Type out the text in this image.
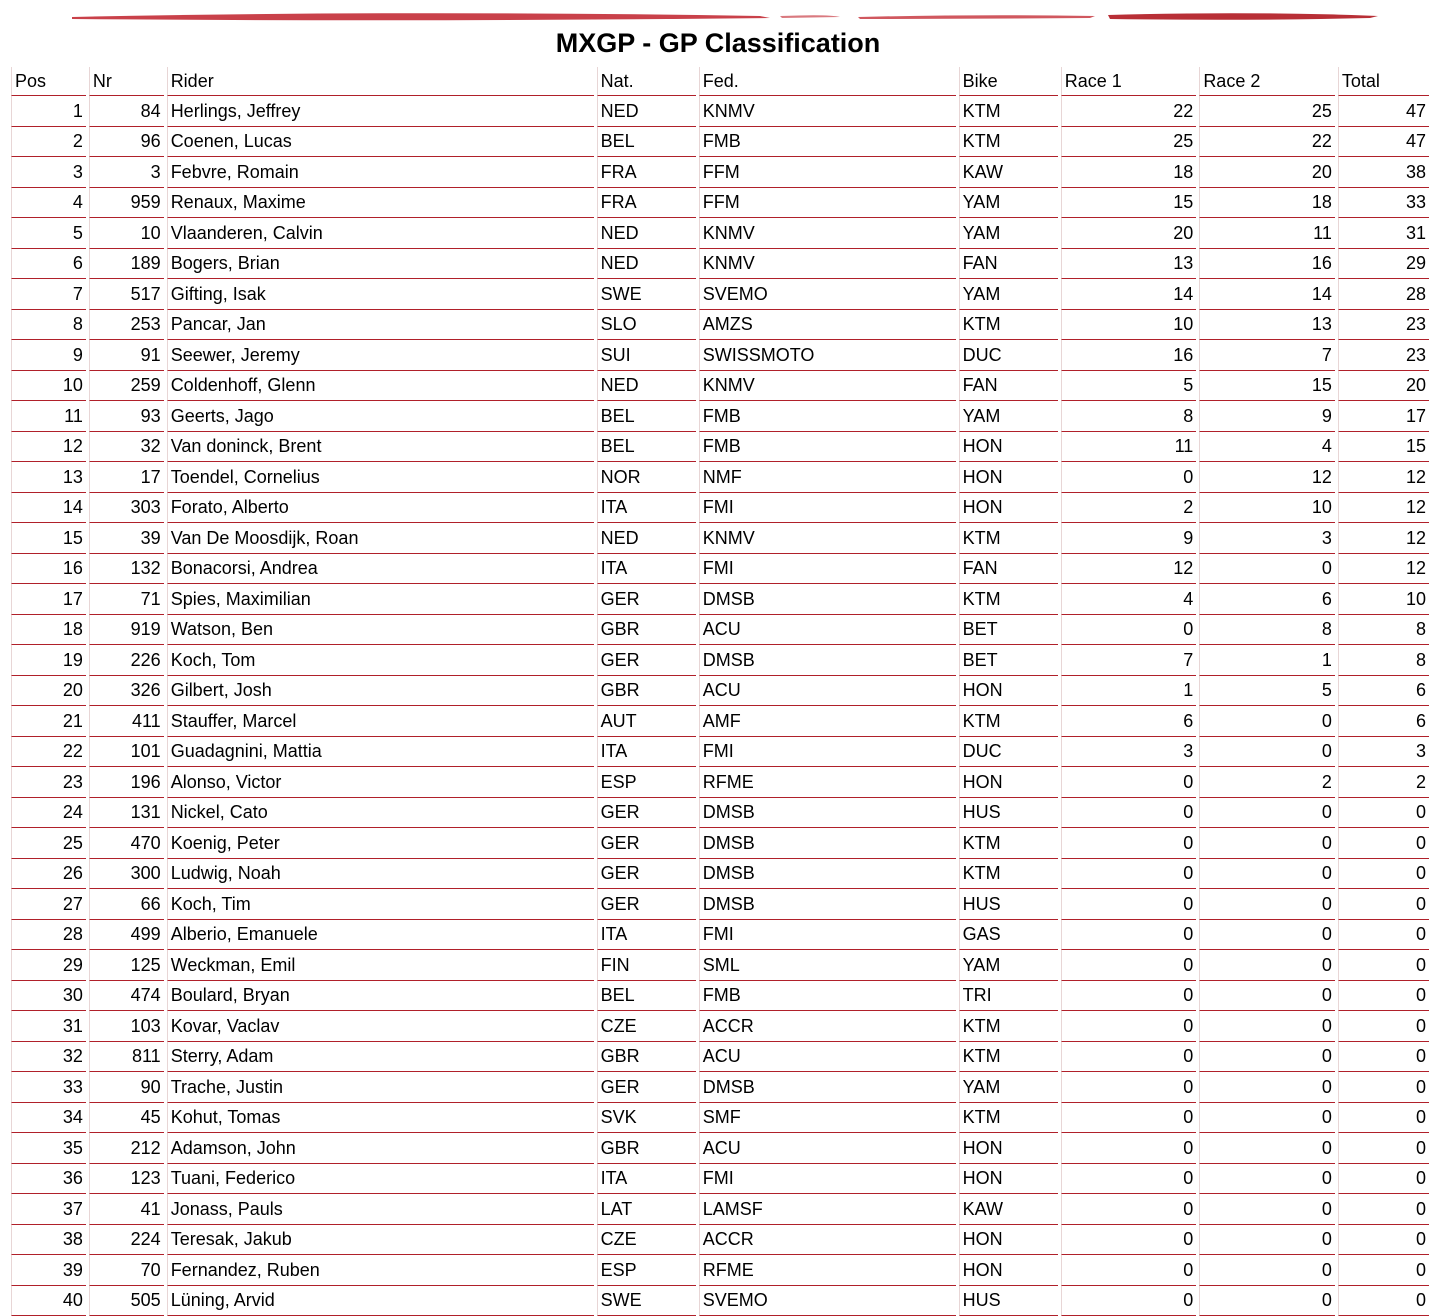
MXGP - GP Classification
Pos	Nr	Rider	Nat.	Fed.	Bike	Race 1	Race 2	Total
1	84	Herlings, Jeffrey	NED	KNMV	KTM	22	25	47
2	96	Coenen, Lucas	BEL	FMB	KTM	25	22	47
3	3	Febvre, Romain	FRA	FFM	KAW	18	20	38
4	959	Renaux, Maxime	FRA	FFM	YAM	15	18	33
5	10	Vlaanderen, Calvin	NED	KNMV	YAM	20	11	31
6	189	Bogers, Brian	NED	KNMV	FAN	13	16	29
7	517	Gifting, Isak	SWE	SVEMO	YAM	14	14	28
8	253	Pancar, Jan	SLO	AMZS	KTM	10	13	23
9	91	Seewer, Jeremy	SUI	SWISSMOTO	DUC	16	7	23
10	259	Coldenhoff, Glenn	NED	KNMV	FAN	5	15	20
11	93	Geerts, Jago	BEL	FMB	YAM	8	9	17
12	32	Van doninck, Brent	BEL	FMB	HON	11	4	15
13	17	Toendel, Cornelius	NOR	NMF	HON	0	12	12
14	303	Forato, Alberto	ITA	FMI	HON	2	10	12
15	39	Van De Moosdijk, Roan	NED	KNMV	KTM	9	3	12
16	132	Bonacorsi, Andrea	ITA	FMI	FAN	12	0	12
17	71	Spies, Maximilian	GER	DMSB	KTM	4	6	10
18	919	Watson, Ben	GBR	ACU	BET	0	8	8
19	226	Koch, Tom	GER	DMSB	BET	7	1	8
20	326	Gilbert, Josh	GBR	ACU	HON	1	5	6
21	411	Stauffer, Marcel	AUT	AMF	KTM	6	0	6
22	101	Guadagnini, Mattia	ITA	FMI	DUC	3	0	3
23	196	Alonso, Victor	ESP	RFME	HON	0	2	2
24	131	Nickel, Cato	GER	DMSB	HUS	0	0	0
25	470	Koenig, Peter	GER	DMSB	KTM	0	0	0
26	300	Ludwig, Noah	GER	DMSB	KTM	0	0	0
27	66	Koch, Tim	GER	DMSB	HUS	0	0	0
28	499	Alberio, Emanuele	ITA	FMI	GAS	0	0	0
29	125	Weckman, Emil	FIN	SML	YAM	0	0	0
30	474	Boulard, Bryan	BEL	FMB	TRI	0	0	0
31	103	Kovar, Vaclav	CZE	ACCR	KTM	0	0	0
32	811	Sterry, Adam	GBR	ACU	KTM	0	0	0
33	90	Trache, Justin	GER	DMSB	YAM	0	0	0
34	45	Kohut, Tomas	SVK	SMF	KTM	0	0	0
35	212	Adamson, John	GBR	ACU	HON	0	0	0
36	123	Tuani, Federico	ITA	FMI	HON	0	0	0
37	41	Jonass, Pauls	LAT	LAMSF	KAW	0	0	0
38	224	Teresak, Jakub	CZE	ACCR	HON	0	0	0
39	70	Fernandez, Ruben	ESP	RFME	HON	0	0	0
40	505	Lüning, Arvid	SWE	SVEMO	HUS	0	0	0
